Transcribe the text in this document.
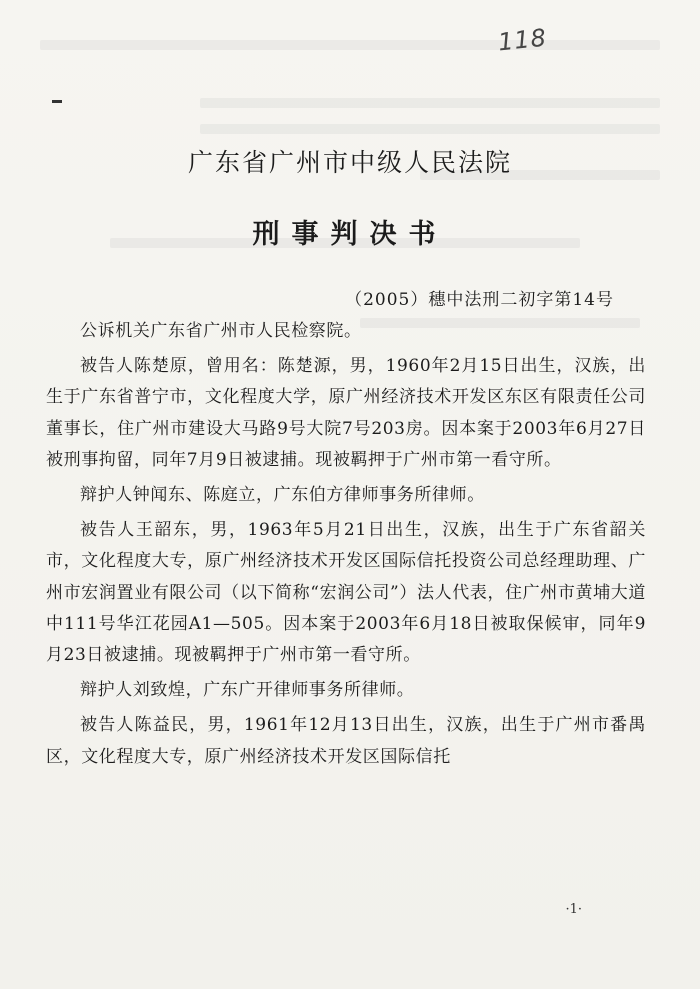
118
广东省广州市中级人民法院
刑事判决书
（2005）穗中法刑二初字第14号

公诉机关广东省广州市人民检察院。

被告人陈楚原，曾用名：陈楚源，男，1960年2月15日出生，汉族，出生于广东省普宁市，文化程度大学，原广州经济技术开发区东区有限责任公司董事长，住广州市建设大马路9号大院7号203房。因本案于2003年6月27日被刑事拘留，同年7月9日被逮捕。现被羁押于广州市第一看守所。

辩护人钟闻东、陈庭立，广东伯方律师事务所律师。

被告人王韶东，男，1963年5月21日出生，汉族，出生于广东省韶关市，文化程度大专，原广州经济技术开发区国际信托投资公司总经理助理、广州市宏润置业有限公司（以下简称“宏润公司”）法人代表，住广州市黄埔大道中111号华江花园A1—505。因本案于2003年6月18日被取保候审，同年9月23日被逮捕。现被羁押于广州市第一看守所。

辩护人刘致煌，广东广开律师事务所律师。

被告人陈益民，男，1961年12月13日出生，汉族，出生于广州市番禺区，文化程度大专，原广州经济技术开发区国际信托

·1·
